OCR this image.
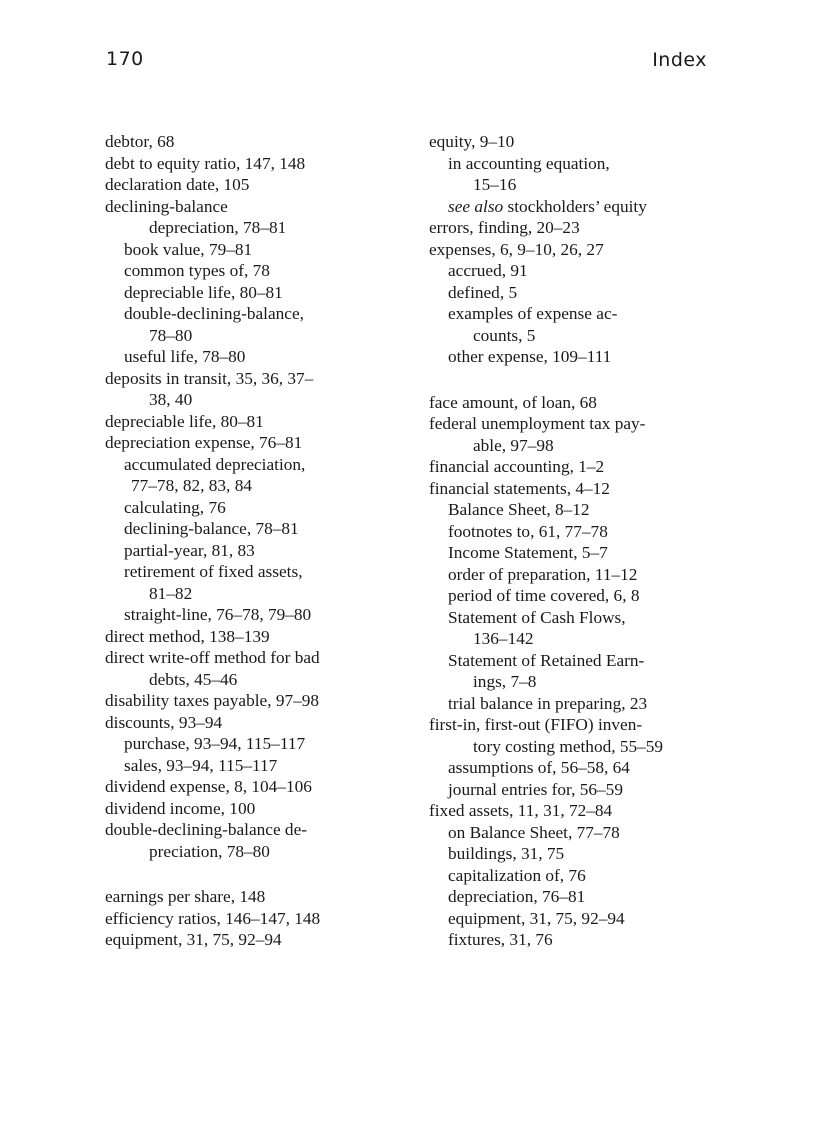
170	Index
debtor, 68
debt to equity ratio, 147, 148
declaration date, 105
declining-balance
depreciation, 78–81
book value, 79–81
common types of, 78
depreciable life, 80–81
double-declining-balance,
78–80
useful life, 78–80
deposits in transit, 35, 36, 37–
38, 40
depreciable life, 80–81
depreciation expense, 76–81
accumulated depreciation,
77–78, 82, 83, 84
calculating, 76
declining-balance, 78–81
partial-year, 81, 83
retirement of fixed assets,
81–82
straight-line, 76–78, 79–80
direct method, 138–139
direct write-off method for bad
debts, 45–46
disability taxes payable, 97–98
discounts, 93–94
purchase, 93–94, 115–117
sales, 93–94, 115–117
dividend expense, 8, 104–106
dividend income, 100
double-declining-balance de-
preciation, 78–80
earnings per share, 148
efficiency ratios, 146–147, 148
equipment, 31, 75, 92–94
equity, 9–10
in accounting equation,
15–16
see also stockholders’ equity
errors, finding, 20–23
expenses, 6, 9–10, 26, 27
accrued, 91
defined, 5
examples of expense ac-
counts, 5
other expense, 109–111
face amount, of loan, 68
federal unemployment tax pay-
able, 97–98
financial accounting, 1–2
financial statements, 4–12
Balance Sheet, 8–12
footnotes to, 61, 77–78
Income Statement, 5–7
order of preparation, 11–12
period of time covered, 6, 8
Statement of Cash Flows,
136–142
Statement of Retained Earn-
ings, 7–8
trial balance in preparing, 23
first-in, first-out (FIFO) inven-
tory costing method, 55–59
assumptions of, 56–58, 64
journal entries for, 56–59
fixed assets, 11, 31, 72–84
on Balance Sheet, 77–78
buildings, 31, 75
capitalization of, 76
depreciation, 76–81
equipment, 31, 75, 92–94
fixtures, 31, 76
